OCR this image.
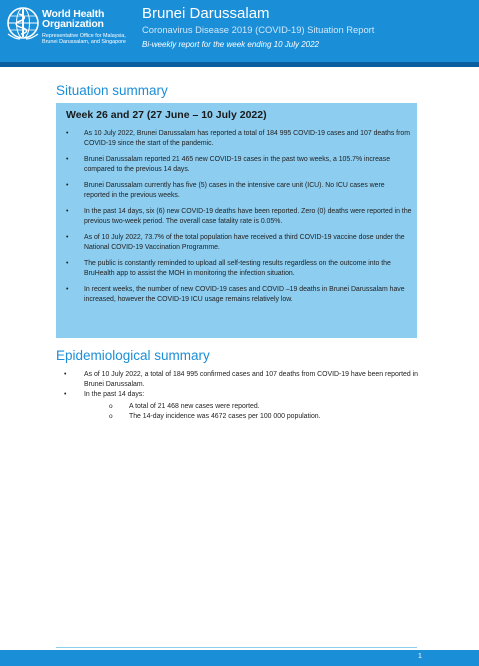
World Health
Organization
Representative Office for Malaysia, Brunei Darussalam, and Singapore
Brunei Darussalam
Coronavirus Disease 2019 (COVID-19) Situation Report
Bi-weekly report for the week ending 10 July 2022
Situation summary
Week 26 and 27 (27 June – 10 July 2022)
• As 10 July 2022, Brunei Darussalam has reported a total of 184 995 COVID-19 cases and 107 deaths from COVID-19 since the start of the pandemic.
• Brunei Darussalam reported 21 465 new COVID-19 cases in the past two weeks, a 105.7% increase compared to the previous 14 days.
• Brunei Darussalam currently has five (5) cases in the intensive care unit (ICU). No ICU cases were reported in the previous weeks.
• In the past 14 days, six (6) new COVID-19 deaths have been reported. Zero (0) deaths were reported in the previous two-week period. The overall case fatality rate is 0.05%.
• As of 10 July 2022, 73.7% of the total population have received a third COVID-19 vaccine dose under the National COVID-19 Vaccination Programme.
• The public is constantly reminded to upload all self-testing results regardless on the outcome into the BruHealth app to assist the MOH in monitoring the infection situation.
• In recent weeks, the number of new COVID-19 cases and COVID –19 deaths in Brunei Darussalam have increased, however the COVID-19 ICU usage remains relatively low.
Epidemiological summary
• As of 10 July 2022, a total of 184 995 confirmed cases and 107 deaths from COVID-19 have been reported in Brunei Darussalam.
• In the past 14 days:
o A total of 21 468 new cases were reported.
o The 14-day incidence was 4672 cases per 100 000 population.
1
